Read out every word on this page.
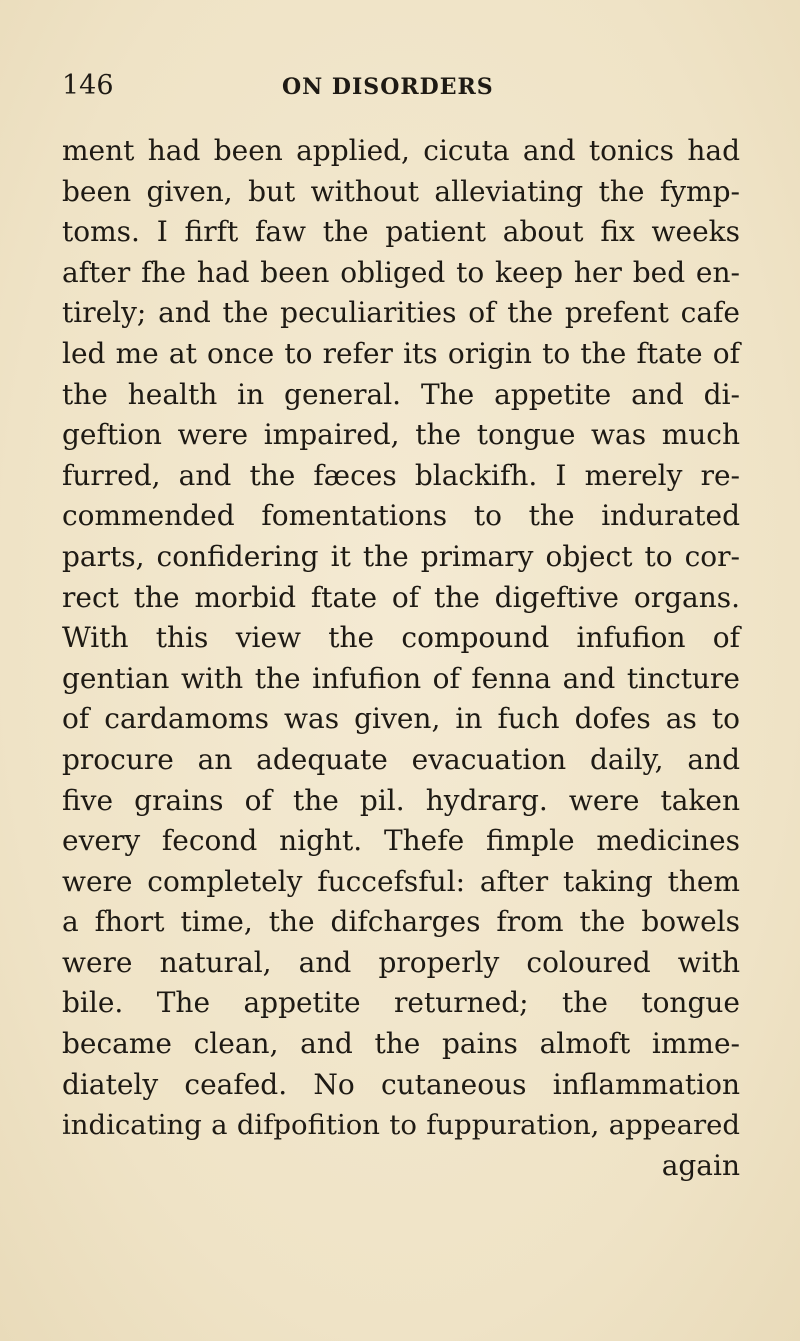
146	ON DISORDERS
ment had been applied, cicuta and tonics had
been given, but without alleviating the fymp-
toms. I firft faw the patient about fix weeks
after fhe had been obliged to keep her bed en-
tirely; and the peculiarities of the prefent cafe
led me at once to refer its origin to the ftate of
the health in general. The appetite and di-
geftion were impaired, the tongue was much
furred, and the fæces blackifh. I merely re-
commended fomentations to the indurated
parts, confidering it the primary object to cor-
rect the morbid ftate of the digeftive organs.
With this view the compound infufion of
gentian with the infufion of fenna and tincture
of cardamoms was given, in fuch dofes as to
procure an adequate evacuation daily, and
five grains of the pil. hydrarg. were taken
every fecond night. Thefe fimple medicines
were completely fuccefsful: after taking them
a fhort time, the difcharges from the bowels
were natural, and properly coloured with
bile. The appetite returned; the tongue
became clean, and the pains almoft imme-
diately ceafed. No cutaneous inflammation
indicating a difpofition to fuppuration, appeared
again
